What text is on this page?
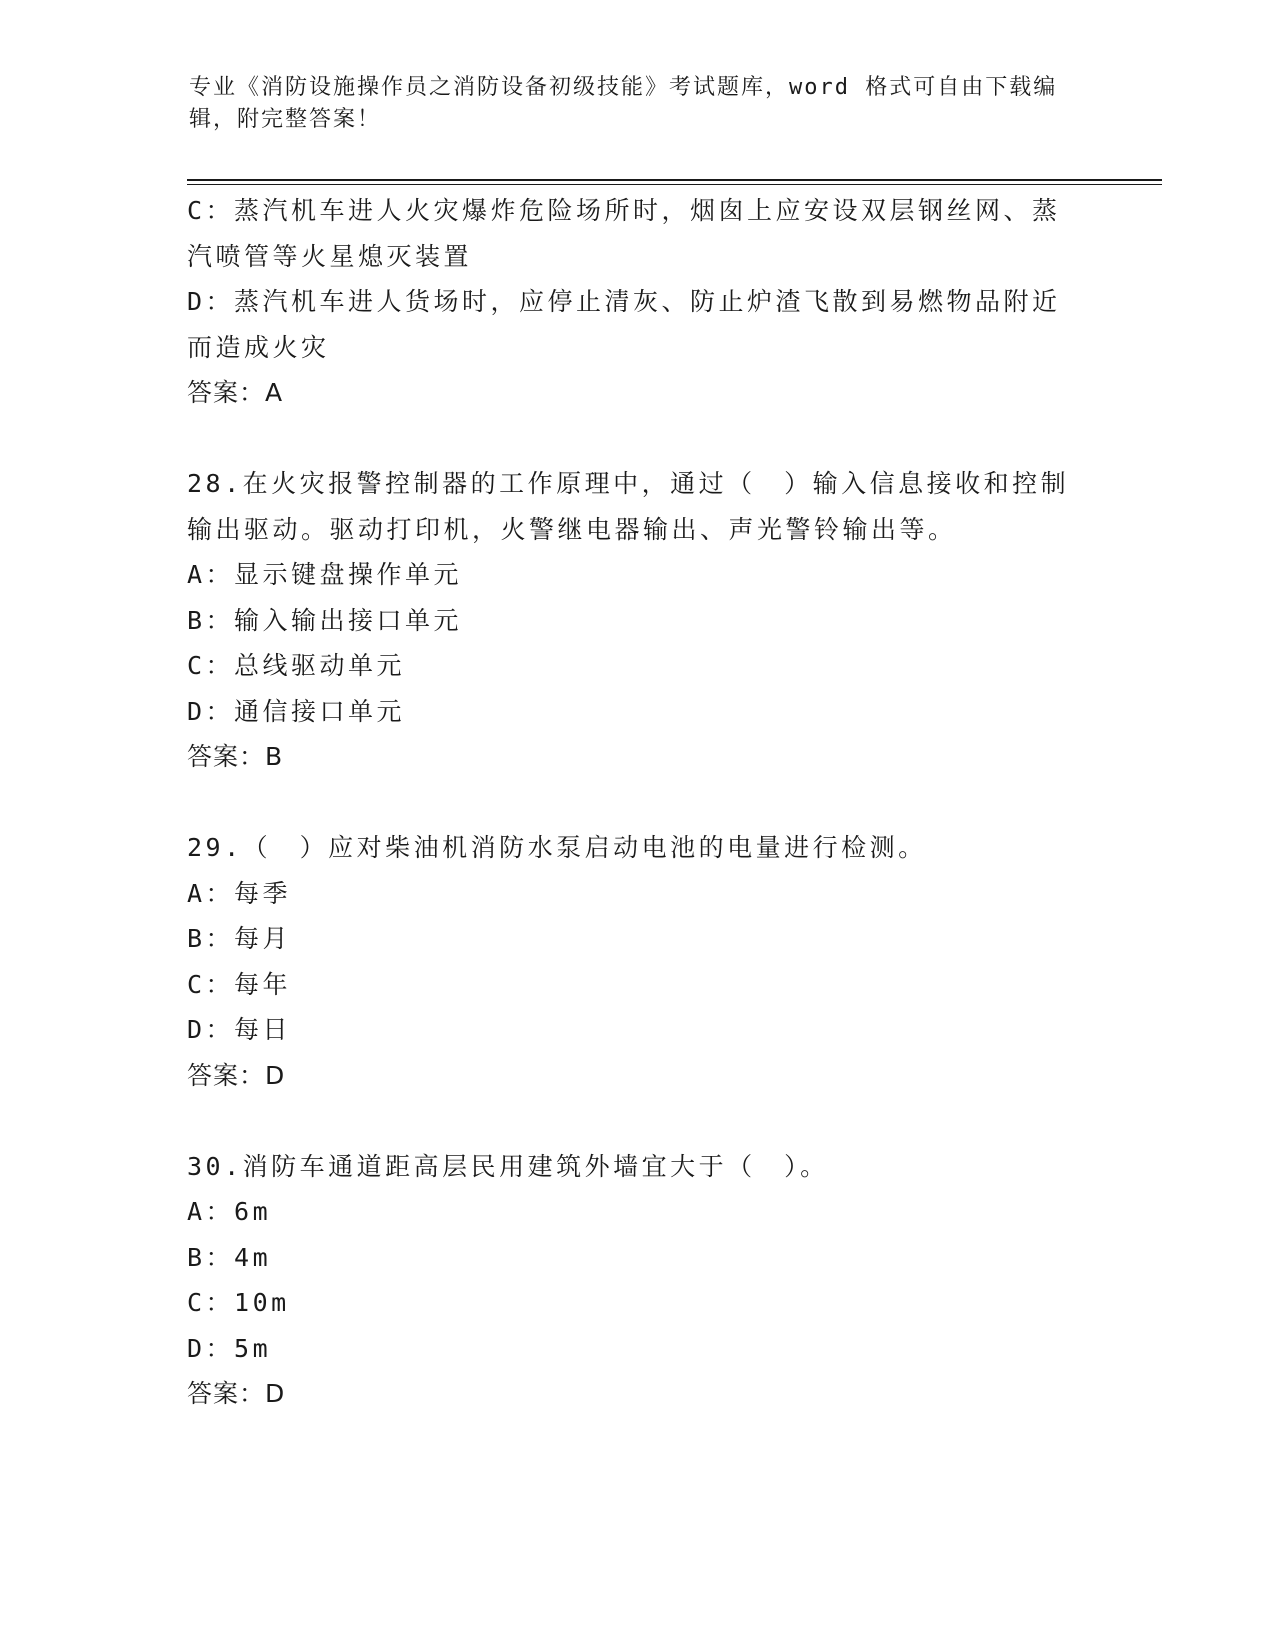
专业《消防设施操作员之消防设备初级技能》考试题库，word 格式可自由下载编
辑，附完整答案！
C：蒸汽机车进人火灾爆炸危险场所时，烟囱上应安设双层钢丝网、蒸
汽喷管等火星熄灭装置
D：蒸汽机车进人货场时，应停止清灰、防止炉渣飞散到易燃物品附近
而造成火灾
答案：A
28.在火灾报警控制器的工作原理中，通过（　）输入信息接收和控制
输出驱动。驱动打印机，火警继电器输出、声光警铃输出等。
A：显示键盘操作单元
B：输入输出接口单元
C：总线驱动单元
D：通信接口单元
答案：B
29.（　）应对柴油机消防水泵启动电池的电量进行检测。
A：每季
B：每月
C：每年
D：每日
答案：D
30.消防车通道距高层民用建筑外墙宜大于（　）。
A：6m
B：4m
C：10m
D：5m
答案：D
